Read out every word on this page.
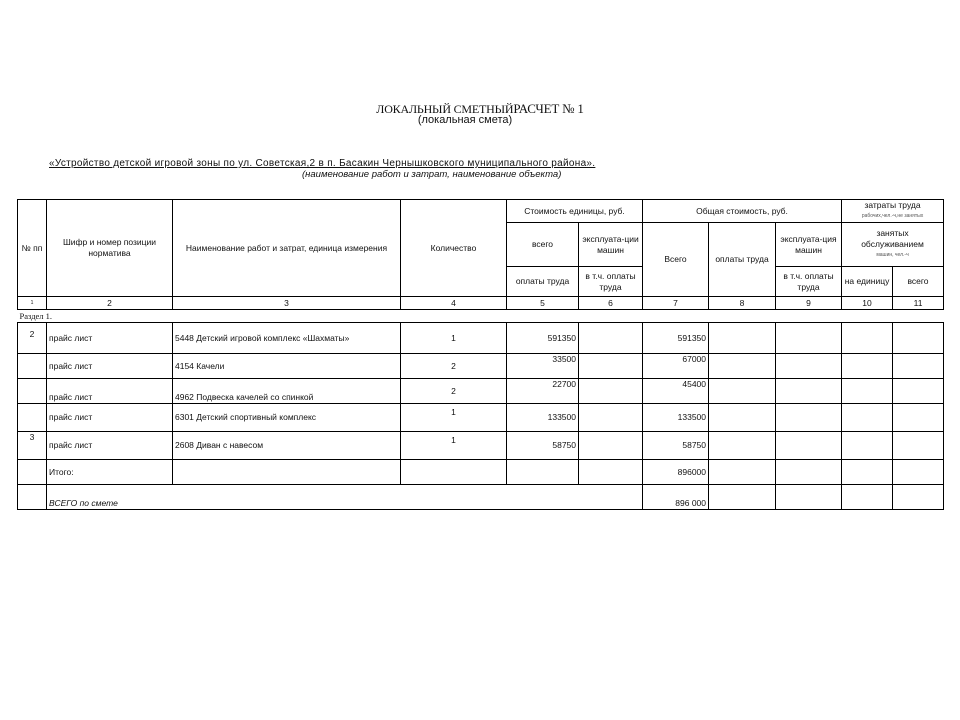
ЛОКАЛЬНЫЙ СМЕТНЫЙРАСЧЕТ № 1
(локальная смета)
«Устройство детской игровой зоны по ул. Советская,2 в п. Басакин Чернышковского муниципального района».
(наименование работ и затрат, наименование объекта)
№ пп	Шифр и номер позиции норматива	Наименование работ и затрат, единица измерения	Количество	Стоимость единицы, руб.		Общая стоимость, руб.			затраты труда
рабочих,чел.-ч,не занятых	

				всего	эксплуата-ции машин	Всего	оплаты труда	эксплуата-ция машин	занятых обслуживанием
машин, чел.-ч	

				оплаты труда	в т.ч. оплаты труда			в т.ч. оплаты труда	на единицу	всего
1	2	3	4	5	6	7	8	9	10	11
Раздел 1.										
2	прайс лист	5448 Детский игровой комплекс «Шахматы»	1	591350		591350				
	прайс лист	4154 Качели	2	33500		67000				
	прайс лист	4962 Подвеска качелей со спинкой	2	22700		45400				
	прайс лист	6301 Детский спортивный комплекс	1	133500		133500				
3	прайс лист	2608 Диван с навесом	1	58750		58750				
	Итого:					896000				
	ВСЕГО по смете					896 000				
